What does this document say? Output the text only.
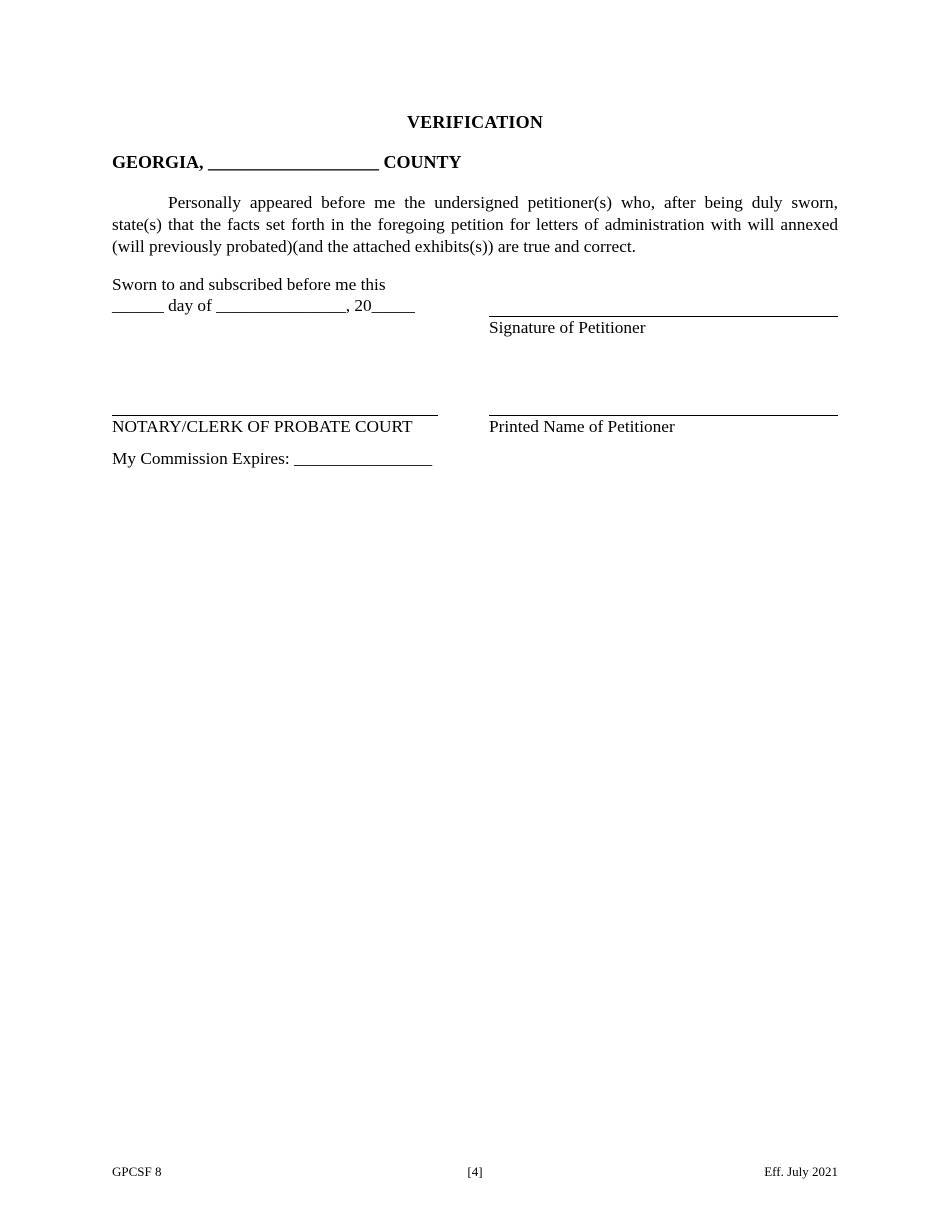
VERIFICATION
GEORGIA, ___________________ COUNTY
Personally appeared before me the undersigned petitioner(s) who, after being duly sworn, state(s) that the facts set forth in the foregoing petition for letters of administration with will annexed (will previously probated)(and the attached exhibits(s)) are true and correct.
Sworn to and subscribed before me this
______ day of _______________, 20_____
Signature of Petitioner
NOTARY/CLERK OF PROBATE COURT	Printed Name of Petitioner
My Commission Expires: ________________
GPCSF 8	[4]	Eff. July 2021
